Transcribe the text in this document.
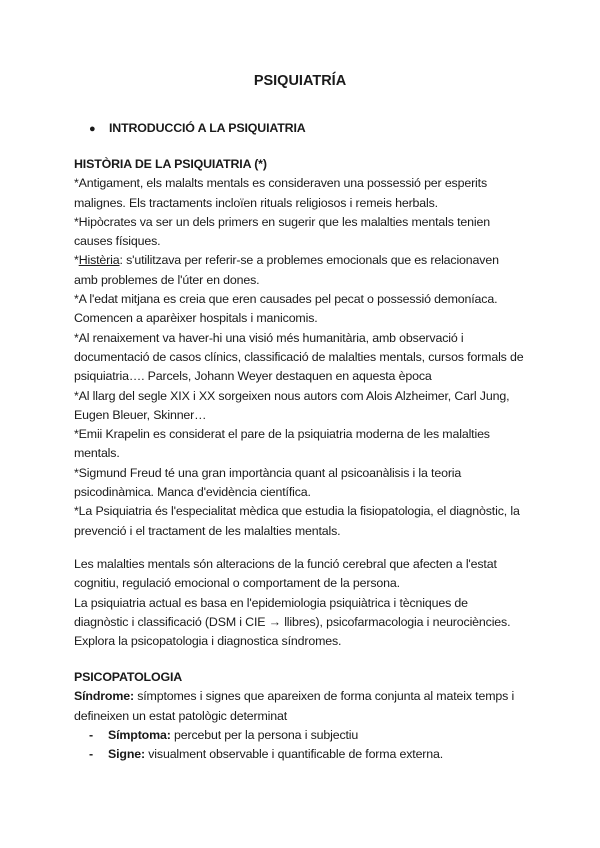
PSIQUIATRÍA
● INTRODUCCIÓ A LA PSIQUIATRIA
HISTÒRIA DE LA PSIQUIATRIA (*)
*Antigament, els malalts mentals es consideraven una possessió per esperits
malignes. Els tractaments incloïen rituals religiosos i remeis herbals.
*Hipòcrates va ser un dels primers en sugerir que les malalties mentals tenien
causes físiques.
*Histèria: s'utilitzava per referir-se a problemes emocionals que es relacionaven
amb problemes de l'úter en dones.
*A l'edat mitjana es creia que eren causades pel pecat o possessió demoníaca.
Comencen a aparèixer hospitals i manicomis.
*Al renaixement va haver-hi una visió més humanitària, amb observació i
documentació de casos clínics, classificació de malalties mentals, cursos formals de
psiquiatria…. Parcels, Johann Weyer destaquen en aquesta època
*Al llarg del segle XIX i XX sorgeixen nous autors com Alois Alzheimer, Carl Jung,
Eugen Bleuer, Skinner…
*Emii Krapelin es considerat el pare de la psiquiatria moderna de les malalties
mentals.
*Sigmund Freud té una gran importància quant al psicoanàlisis i la teoria
psicodinàmica. Manca d'evidència científica.
*La Psiquiatria és l'especialitat mèdica que estudia la fisiopatologia, el diagnòstic, la
prevenció i el tractament de les malalties mentals.
Les malalties mentals són alteracions de la funció cerebral que afecten a l'estat
cognitiu, regulació emocional o comportament de la persona.
La psiquiatria actual es basa en l'epidemiologia psiquiàtrica i tècniques de
diagnòstic i classificació (DSM i CIE → llibres), psicofarmacologia i neurociències.
Explora la psicopatologia i diagnostica síndromes.
PSICOPATOLOGIA
Síndrome: símptomes i signes que apareixen de forma conjunta al mateix temps i
defineixen un estat patològic determinat
- Símptoma: percebut per la persona i subjectiu
- Signe: visualment observable i quantificable de forma externa.
